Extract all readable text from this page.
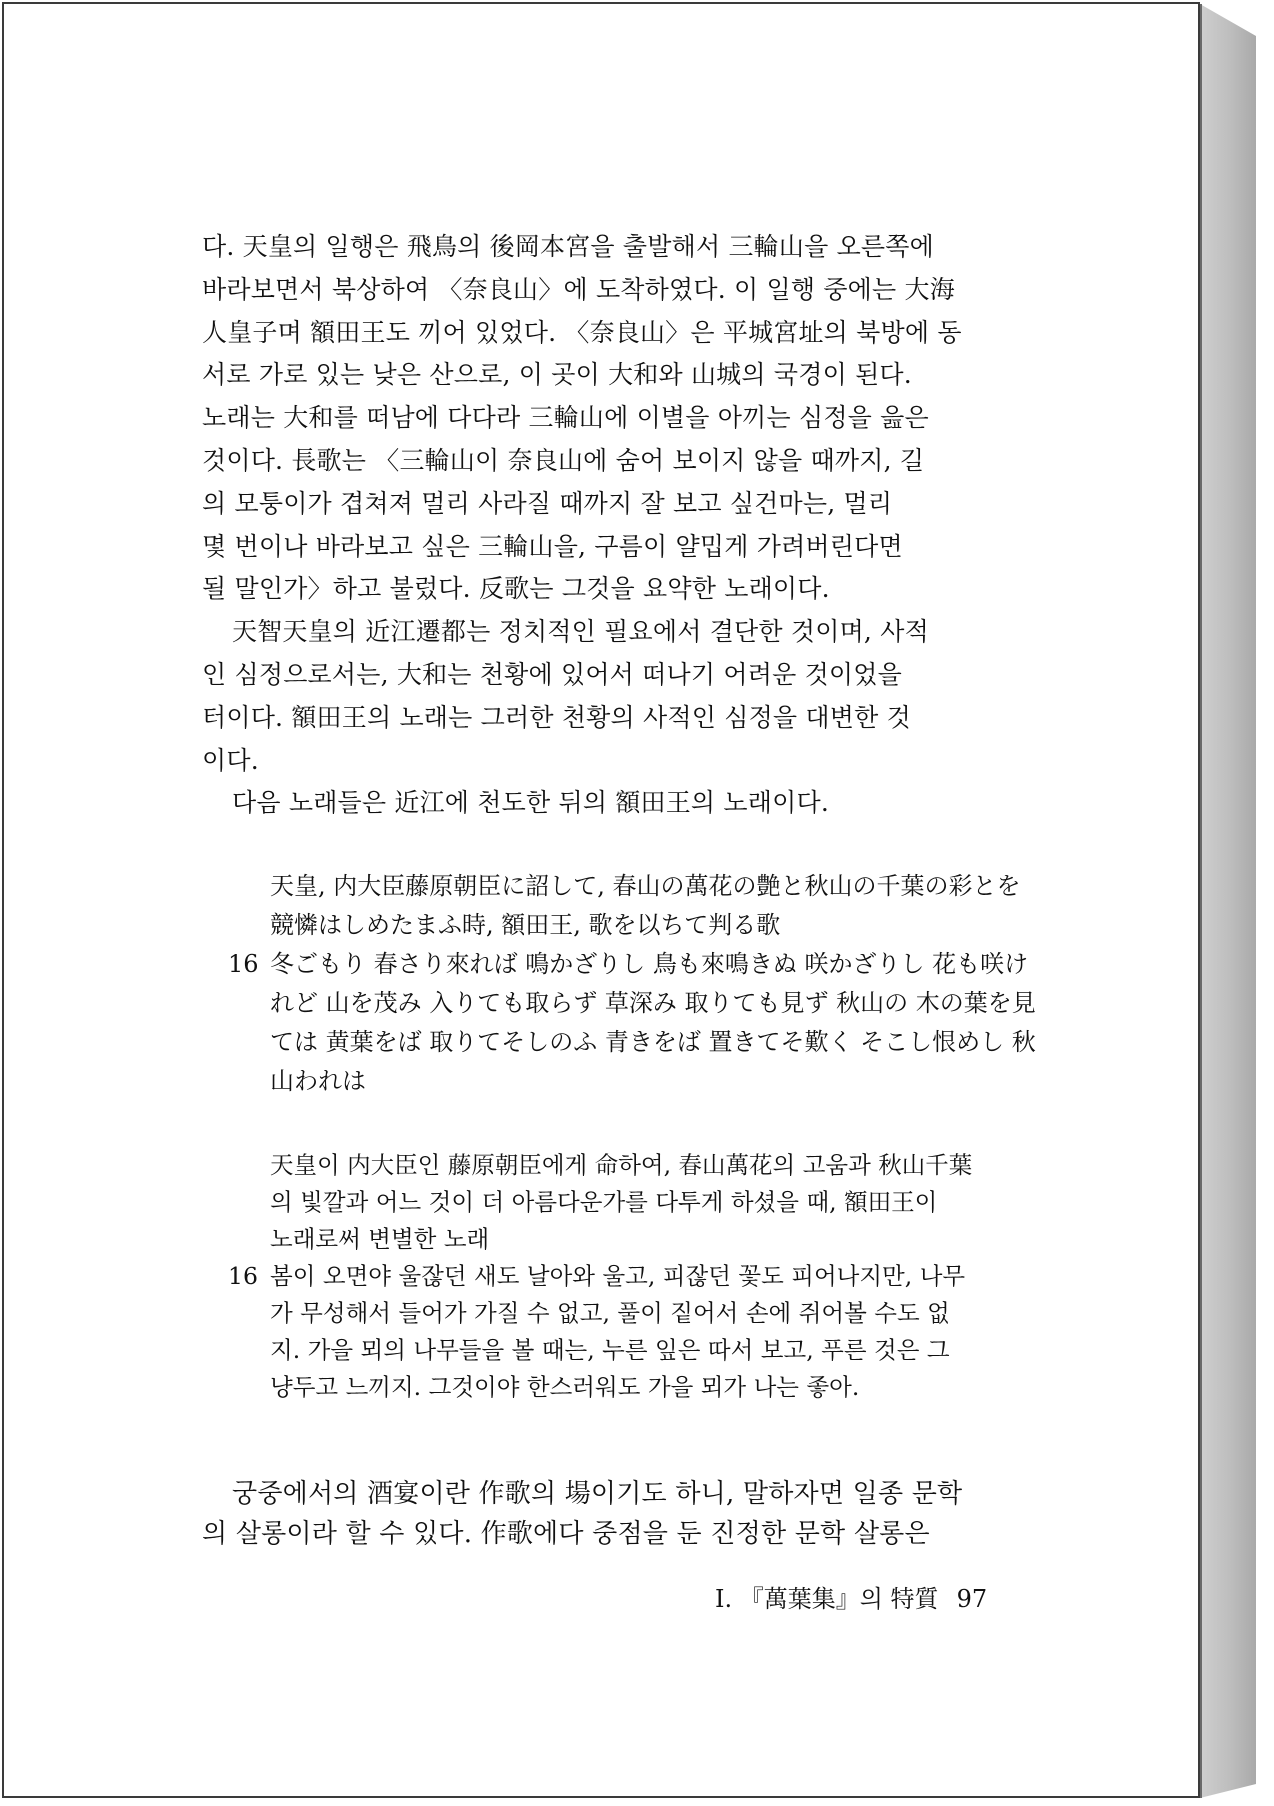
다. 天皇의 일행은 飛鳥의 後岡本宮을 출발해서 三輪山을 오른쪽에
바라보면서 북상하여 〈奈良山〉에 도착하였다. 이 일행 중에는 大海
人皇子며 額田王도 끼어 있었다. 〈奈良山〉은 平城宮址의 북방에 동
서로 가로 있는 낮은 산으로, 이 곳이 大和와 山城의 국경이 된다.
노래는 大和를 떠남에 다다라 三輪山에 이별을 아끼는 심정을 읊은
것이다. 長歌는 〈三輪山이 奈良山에 숨어 보이지 않을 때까지, 길
의 모퉁이가 겹쳐져 멀리 사라질 때까지 잘 보고 싶건마는, 멀리
몇 번이나 바라보고 싶은 三輪山을, 구름이 얄밉게 가려버린다면
될 말인가〉하고 불렀다. 反歌는 그것을 요약한 노래이다.
天智天皇의 近江遷都는 정치적인 필요에서 결단한 것이며, 사적
인 심정으로서는, 大和는 천황에 있어서 떠나기 어려운 것이었을
터이다. 額田王의 노래는 그러한 천황의 사적인 심정을 대변한 것
이다.
다음 노래들은 近江에 천도한 뒤의 額田王의 노래이다.
天皇, 内大臣藤原朝臣に詔して, 春山の萬花の艶と秋山の千葉の彩とを
競憐はしめたまふ時, 額田王, 歌を以ちて判る歌
16 冬ごもり 春さり來れば 鳴かざりし 鳥も來鳴きぬ 咲かざりし 花も咲け
れど 山を茂み 入りても取らず 草深み 取りても見ず 秋山の 木の葉を見
ては 黄葉をば 取りてそしのふ 青きをば 置きてそ歎く そこし恨めし 秋
山われは
天皇이 内大臣인 藤原朝臣에게 命하여, 春山萬花의 고움과 秋山千葉
의 빛깔과 어느 것이 더 아름다운가를 다투게 하셨을 때, 額田王이
노래로써 변별한 노래
16 봄이 오면야 울잖던 새도 날아와 울고, 피잖던 꽃도 피어나지만, 나무
가 무성해서 들어가 가질 수 없고, 풀이 짙어서 손에 쥐어볼 수도 없
지. 가을 뫼의 나무들을 볼 때는, 누른 잎은 따서 보고, 푸른 것은 그
냥두고 느끼지. 그것이야 한스러워도 가을 뫼가 나는 좋아.
궁중에서의 酒宴이란 作歌의 場이기도 하니, 말하자면 일종 문학
의 살롱이라 할 수 있다. 作歌에다 중점을 둔 진정한 문학 살롱은
I. 『萬葉集』의 特質 97
